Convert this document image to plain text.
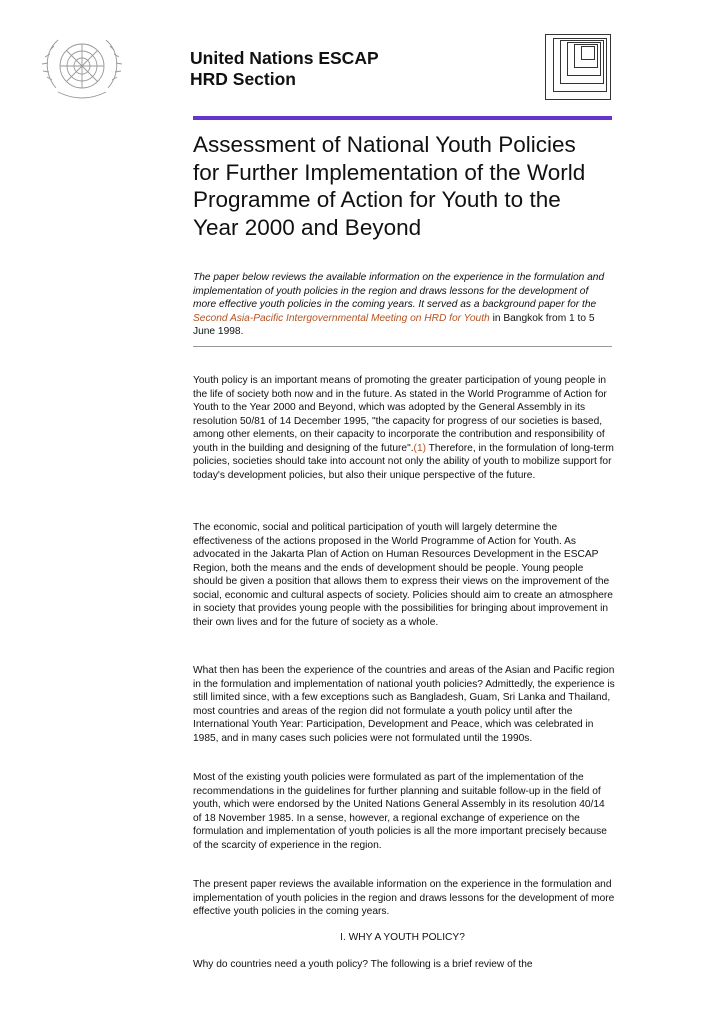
United Nations ESCAP
HRD Section
Assessment of National Youth Policies
for Further Implementation of the World
Programme of Action for Youth to the
Year 2000 and Beyond

The paper below reviews the available information on the experience in the formulation and implementation of youth policies in the region and draws lessons for the development of more effective youth policies in the coming years. It served as a background paper for the Second Asia-Pacific Intergovernmental Meeting on HRD for Youth in Bangkok from 1 to 5 June 1998.

Youth policy is an important means of promoting the greater participation of young people in the life of society both now and in the future. As stated in the World Programme of Action for Youth to the Year 2000 and Beyond, which was adopted by the General Assembly in its resolution 50/81 of 14 December 1995, "the capacity for progress of our societies is based, among other elements, on their capacity to incorporate the contribution and responsibility of youth in the building and designing of the future".(1) Therefore, in the formulation of long-term policies, societies should take into account not only the ability of youth to mobilize support for today's development policies, but also their unique perspective of the future.

The economic, social and political participation of youth will largely determine the effectiveness of the actions proposed in the World Programme of Action for Youth. As advocated in the Jakarta Plan of Action on Human Resources Development in the ESCAP Region, both the means and the ends of development should be people. Young people should be given a position that allows them to express their views on the improvement of the social, economic and cultural aspects of society. Policies should aim to create an atmosphere in society that provides young people with the possibilities for bringing about improvement in their own lives and for the future of society as a whole.

What then has been the experience of the countries and areas of the Asian and Pacific region in the formulation and implementation of national youth policies? Admittedly, the experience is still limited since, with a few exceptions such as Bangladesh, Guam, Sri Lanka and Thailand, most countries and areas of the region did not formulate a youth policy until after the International Youth Year: Participation, Development and Peace, which was celebrated in 1985, and in many cases such policies were not formulated until the 1990s.

Most of the existing youth policies were formulated as part of the implementation of the recommendations in the guidelines for further planning and suitable follow-up in the field of youth, which were endorsed by the United Nations General Assembly in its resolution 40/14 of 18 November 1985. In a sense, however, a regional exchange of experience on the formulation and implementation of youth policies is all the more important precisely because of the scarcity of experience in the region.

The present paper reviews the available information on the experience in the formulation and implementation of youth policies in the region and draws lessons for the development of more effective youth policies in the coming years.

I. WHY A YOUTH POLICY?

Why do countries need a youth policy? The following is a brief review of the
